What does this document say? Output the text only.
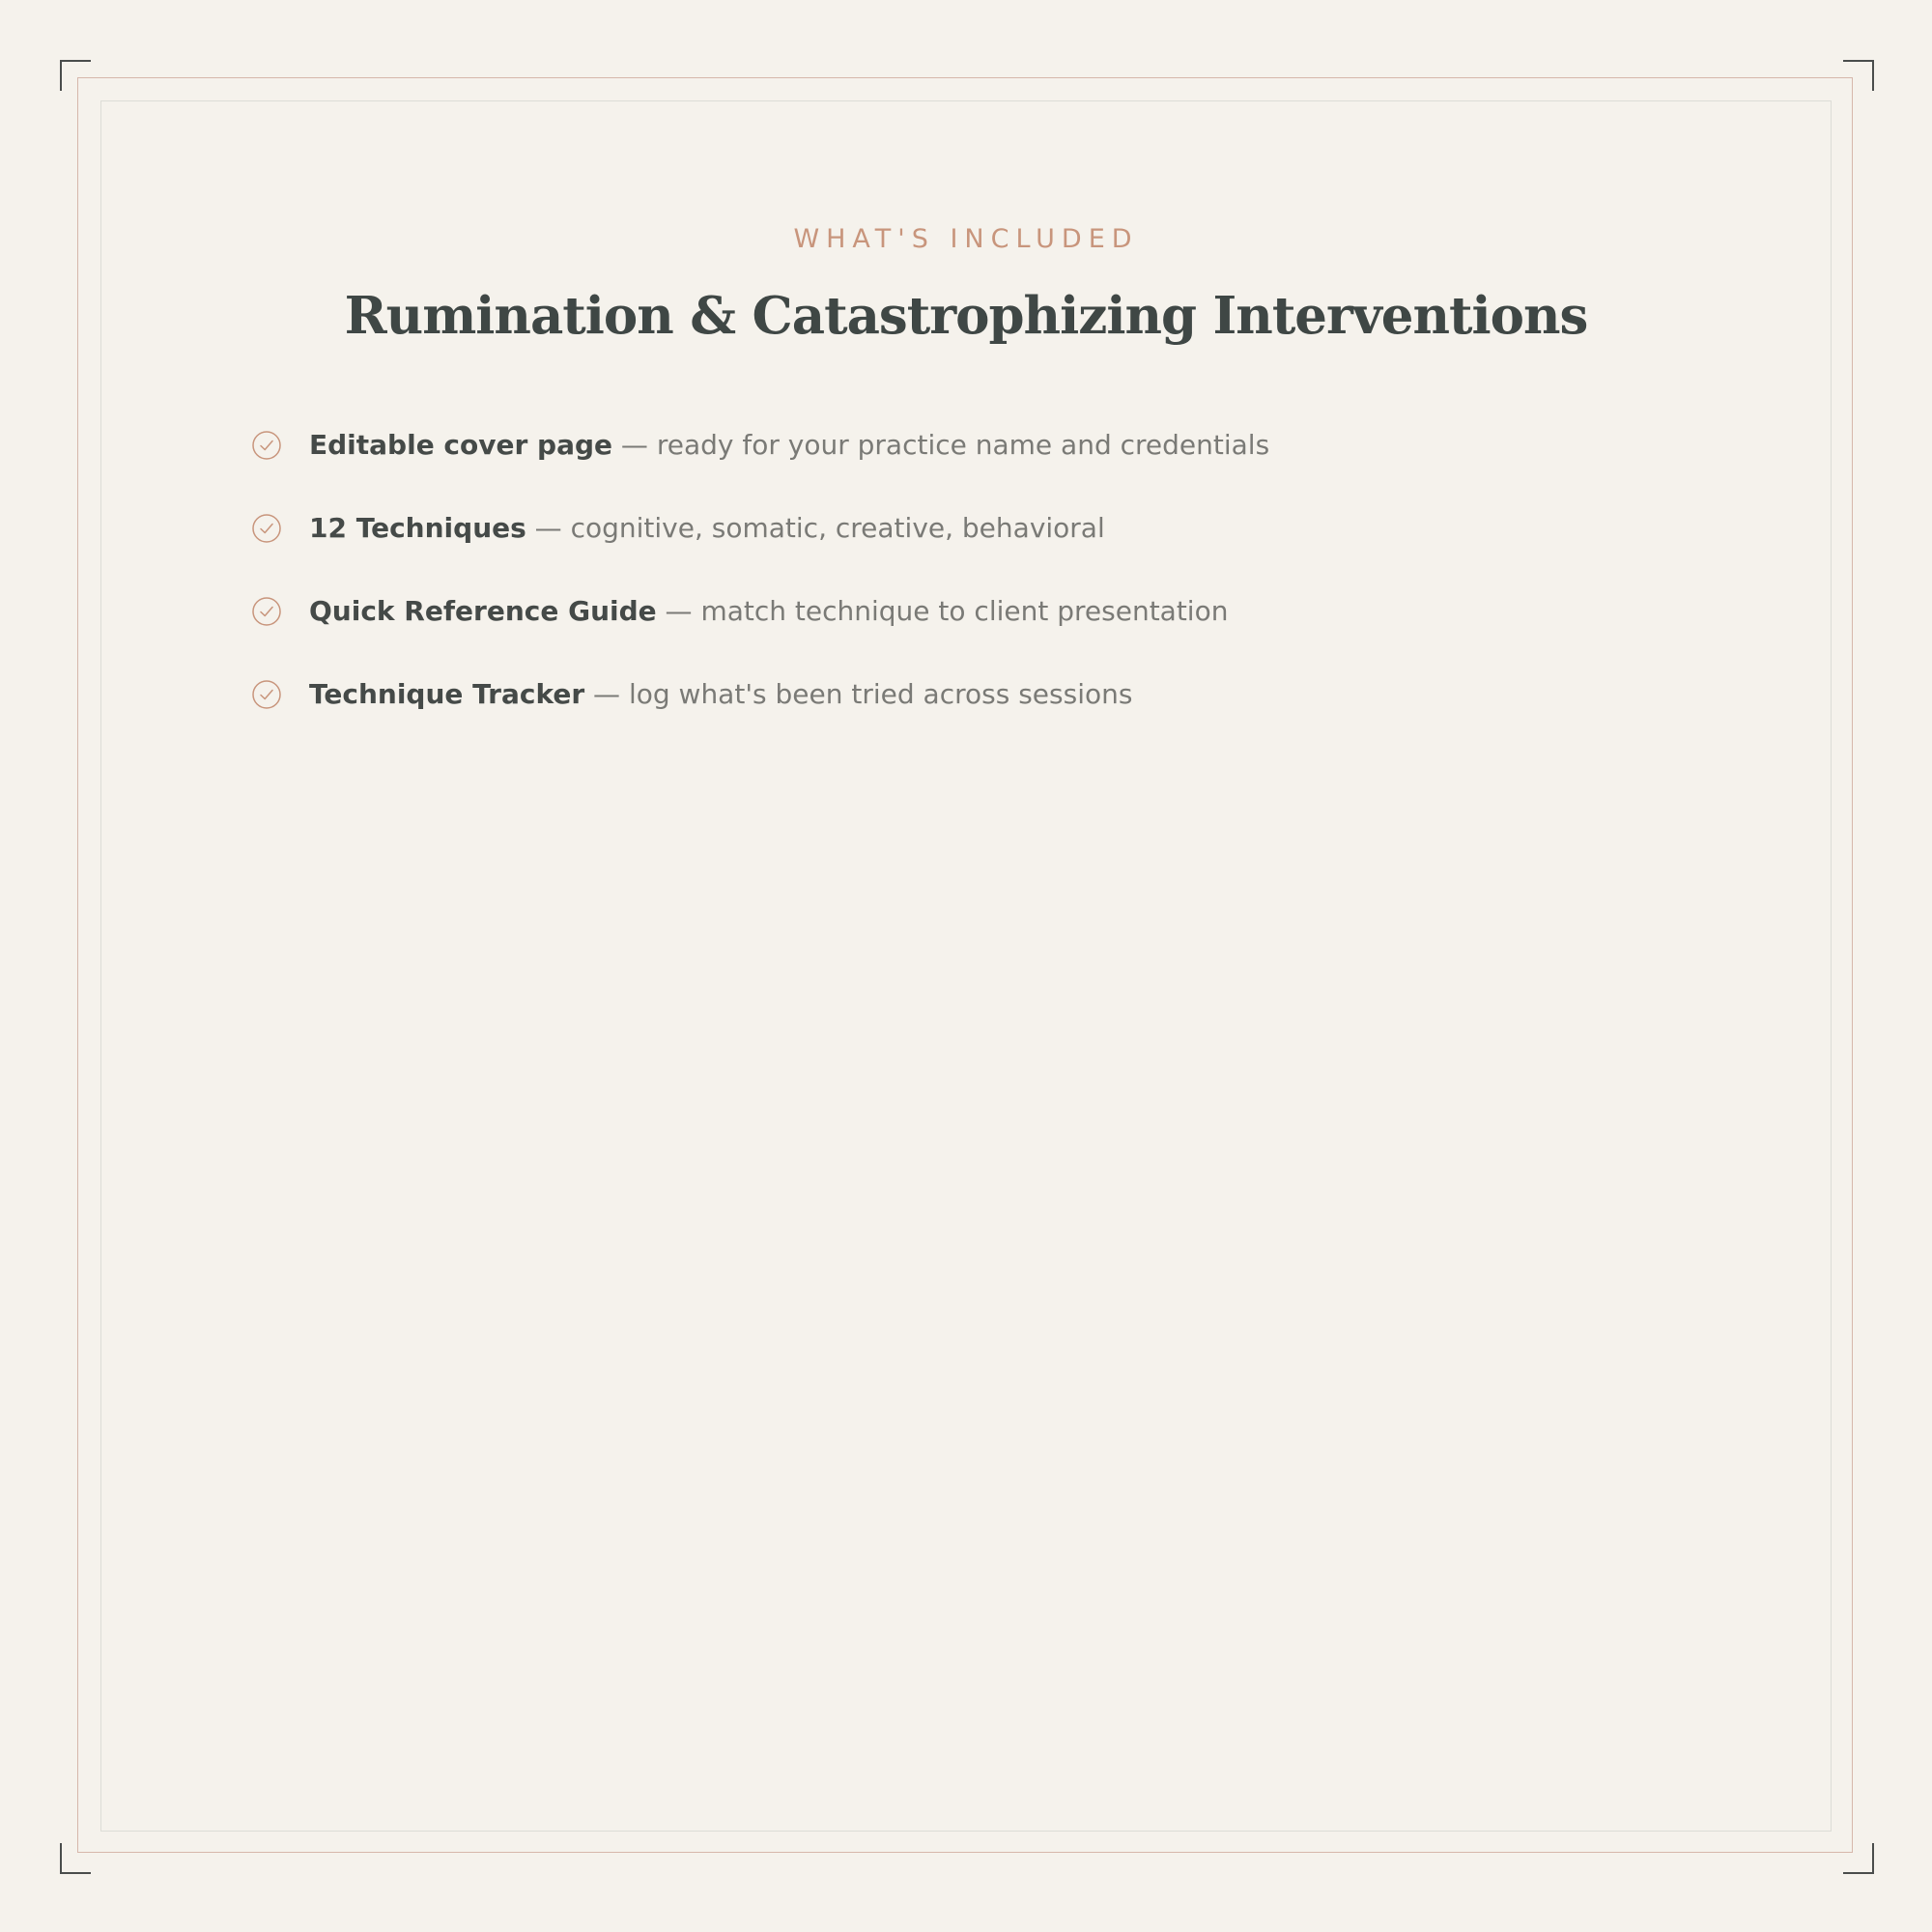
WHAT'S INCLUDED
Rumination & Catastrophizing Interventions
Editable cover page — ready for your practice name and credentials
12 Techniques — cognitive, somatic, creative, behavioral
Quick Reference Guide — match technique to client presentation
Technique Tracker — log what's been tried across sessions
